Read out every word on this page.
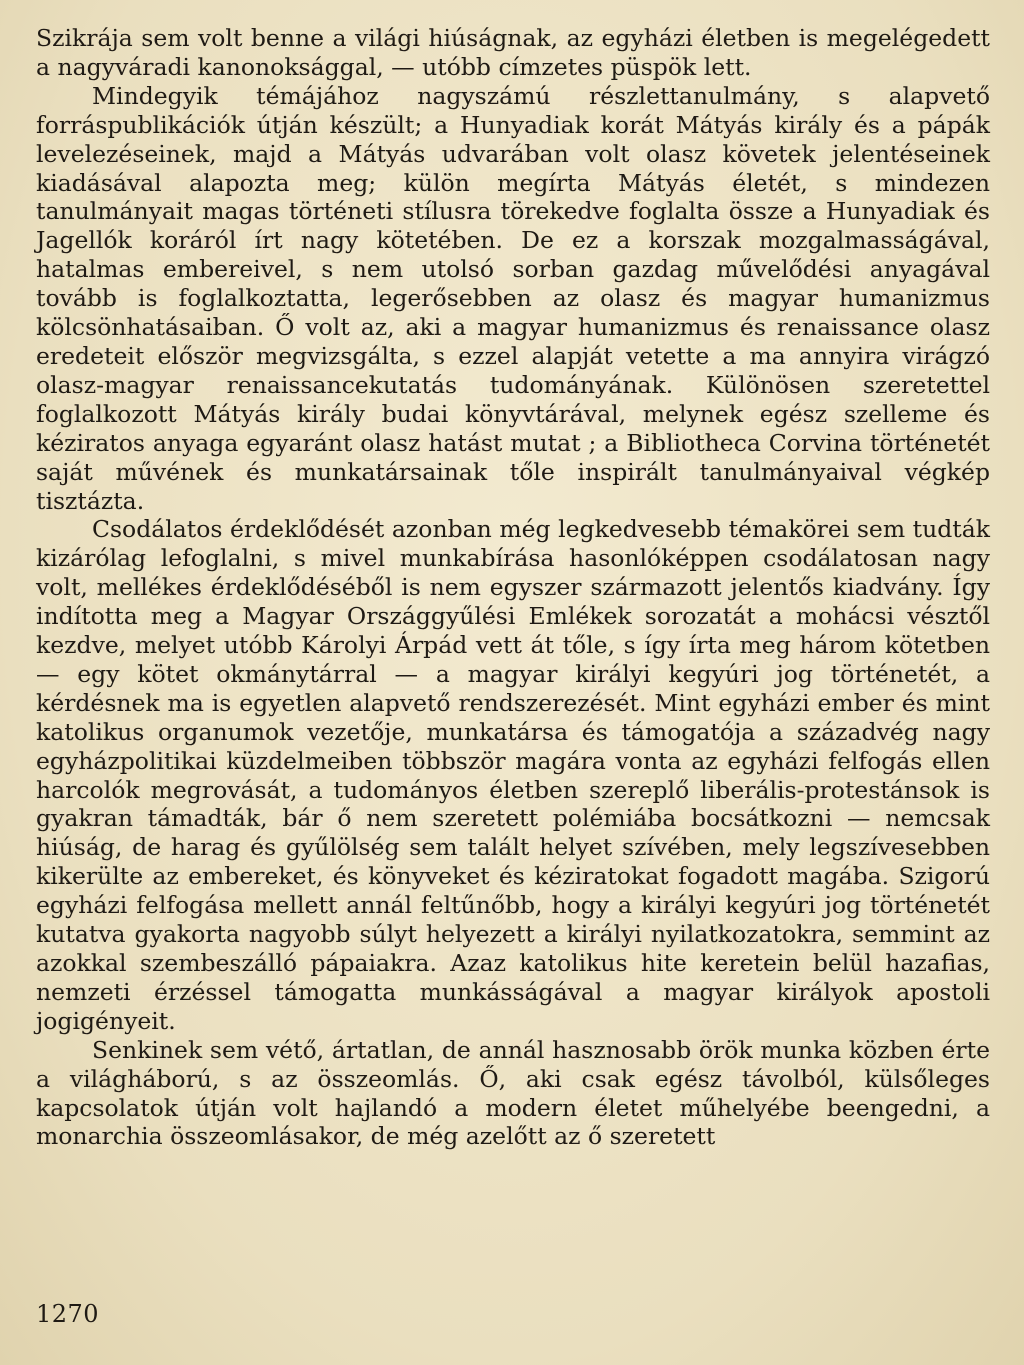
Szikrája sem volt benne a világi hiúságnak, az egyházi életben is megelégedett a nagyváradi kanonoksággal, — utóbb címzetes püspök lett.

Mindegyik témájához nagyszámú részlettanulmány, s alapvető forráspublikációk útján készült; a Hunyadiak korát Mátyás király és a pápák levelezéseinek, majd a Mátyás udvarában volt olasz követek jelentéseinek kiadásával alapozta meg; külön megírta Mátyás életét, s mindezen tanulmányait magas történeti stílusra törekedve foglalta össze a Hunyadiak és Jagellók koráról írt nagy kötetében. De ez a korszak mozgalmasságával, hatalmas embereivel, s nem utolsó sorban gazdag művelődési anyagával tovább is foglalkoztatta, legerősebben az olasz és magyar humanizmus kölcsönhatásaiban. Ő volt az, aki a magyar humanizmus és renaissance olasz eredeteit először megvizsgálta, s ezzel alapját vetette a ma annyira virágzó olasz-magyar renaissancekutatás tudományának. Különösen szeretettel foglalkozott Mátyás király budai könyvtárával, melynek egész szelleme és kéziratos anyaga egyaránt olasz hatást mutat ; a Bibliotheca Corvina történetét saját művének és munkatársainak tőle inspirált tanulmányaival végkép tisztázta.

Csodálatos érdeklődését azonban még legkedvesebb témakörei sem tudták kizárólag lefoglalni, s mivel munkabírása hasonlóképpen csodálatosan nagy volt, mellékes érdeklődéséből is nem egyszer származott jelentős kiadvány. Így indította meg a Magyar Országgyűlési Emlékek sorozatát a mohácsi vésztől kezdve, melyet utóbb Károlyi Árpád vett át tőle, s így írta meg három kötetben — egy kötet okmánytárral — a magyar királyi kegyúri jog történetét, a kérdésnek ma is egyetlen alapvető rendszerezését. Mint egyházi ember és mint katolikus organumok vezetője, munkatársa és támogatója a századvég nagy egyházpolitikai küzdelmeiben többször magára vonta az egyházi felfogás ellen harcolók megrovását, a tudományos életben szereplő liberális-protestánsok is gyakran támadták, bár ő nem szeretett polémiába bocsátkozni — nemcsak hiúság, de harag és gyűlölség sem talált helyet szívében, mely legszívesebben kikerülte az embereket, és könyveket és kéziratokat fogadott magába. Szigorú egyházi felfogása mellett annál feltűnőbb, hogy a királyi kegyúri jog történetét kutatva gyakorta nagyobb súlyt helyezett a királyi nyilatkozatokra, semmint az azokkal szembeszálló pápaiakra. Azaz katolikus hite keretein belül hazafias, nemzeti érzéssel támogatta munkásságával a magyar királyok apostoli jogigényeit.

Senkinek sem vétő, ártatlan, de annál hasznosabb örök munka közben érte a világháború, s az összeomlás. Ő, aki csak egész távolból, külsőleges kapcsolatok útján volt hajlandó a modern életet műhelyébe beengedni, a monarchia összeomlásakor, de még azelőtt az ő szeretett

1270
